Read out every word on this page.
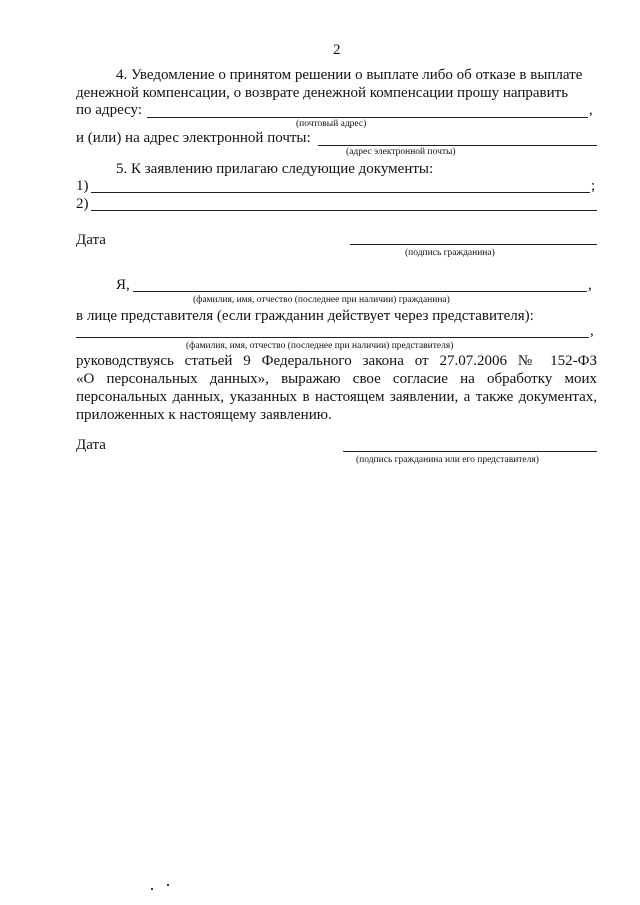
2
4. Уведомление о принятом решении о выплате либо об отказе в выплате
денежной компенсации, о возврате денежной компенсации прошу направить
по адресу:	,
(почтовый адрес)
и (или) на адрес электронной почты:
(адрес электронной почты)
5. К заявлению прилагаю следующие документы:
1)	;
2)
Дата
(подпись гражданина)
Я,	,
(фамилия, имя, отчество (последнее при наличии) гражданина)
в лице представителя (если гражданин действует через представителя):
,
(фамилия, имя, отчество (последнее при наличии) представителя)
руководствуясь статьей 9 Федерального закона от 27.07.2006 № 152-ФЗ
«О персональных данных», выражаю свое согласие на обработку моих
персональных данных, указанных в настоящем заявлении, а также документах,
приложенных к настоящему заявлению.
Дата
(подпись гражданина или его представителя)
